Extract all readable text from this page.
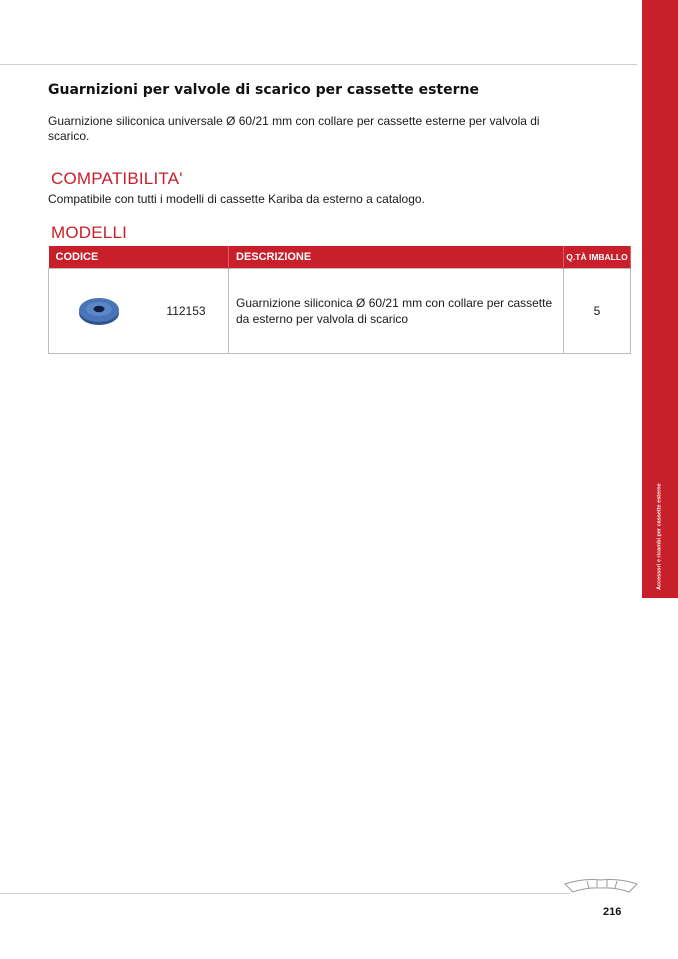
Accessori e ricambi per cassette esterne
Guarnizioni per valvole di scarico per cassette esterne
Guarnizione siliconica universale Ø 60/21 mm con collare per cassette esterne per valvola di scarico.
COMPATIBILITA'
Compatibile con tutti i modelli di cassette Kariba da esterno a catalogo.
MODELLI
CODICE		DESCRIZIONE	Q.TÀ IMBALLO

	112153	Guarnizione siliconica Ø 60/21 mm con collare per cassette da esterno per valvola di scarico	5
216
